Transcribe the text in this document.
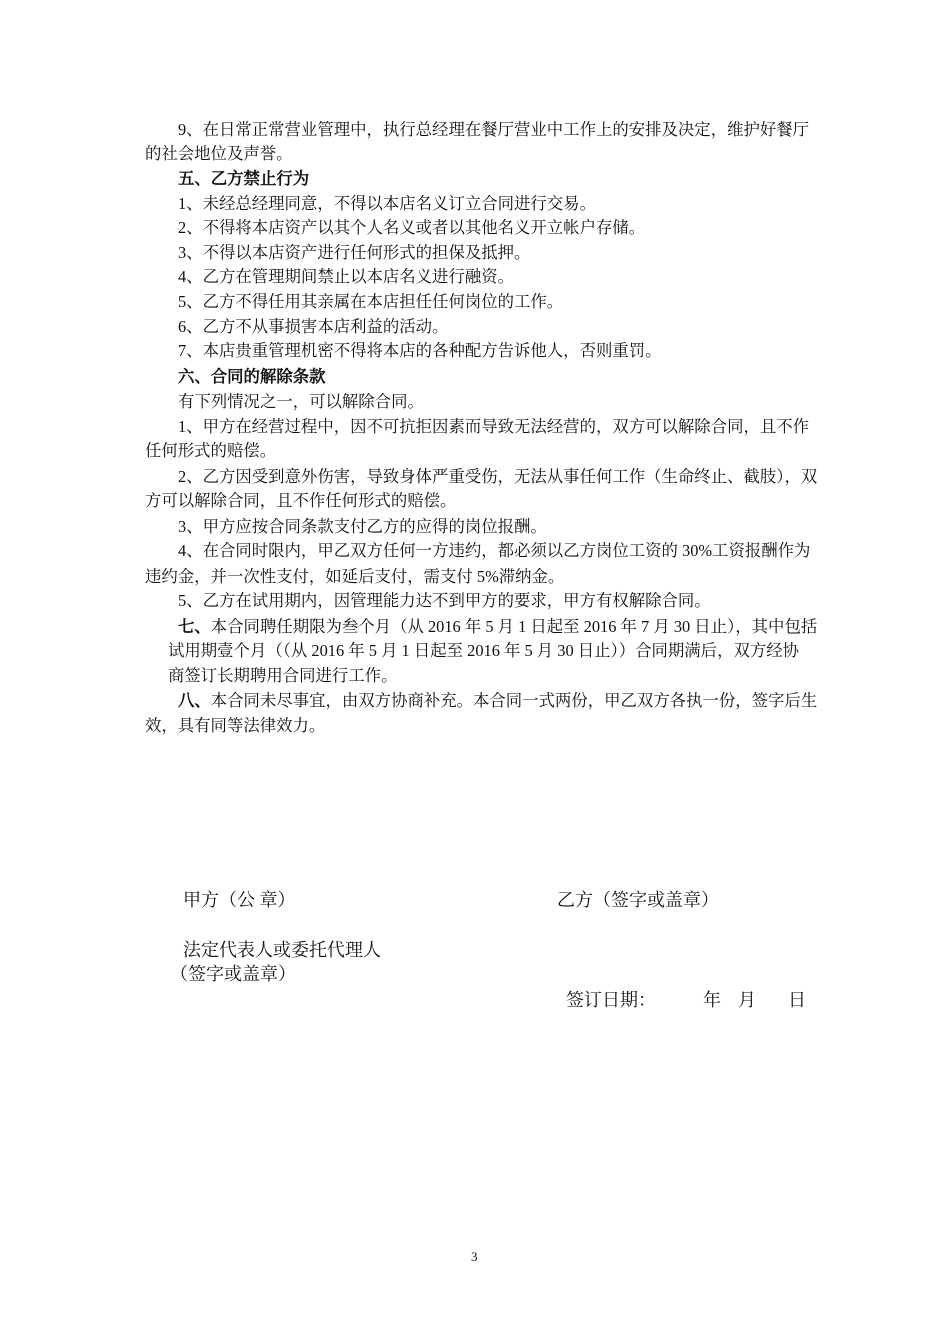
9、在日常正常营业管理中，执行总经理在餐厅营业中工作上的安排及决定，维护好餐厅
的社会地位及声誉。
五、乙方禁止行为
1、未经总经理同意，不得以本店名义订立合同进行交易。
2、不得将本店资产以其个人名义或者以其他名义开立帐户存储。
3、不得以本店资产进行任何形式的担保及抵押。
4、乙方在管理期间禁止以本店名义进行融资。
5、乙方不得任用其亲属在本店担任任何岗位的工作。
6、乙方不从事损害本店利益的活动。
7、本店贵重管理机密不得将本店的各种配方告诉他人，否则重罚。
六、合同的解除条款
有下列情况之一，可以解除合同。
1、甲方在经营过程中，因不可抗拒因素而导致无法经营的，双方可以解除合同，且不作
任何形式的赔偿。
2、乙方因受到意外伤害，导致身体严重受伤，无法从事任何工作（生命终止、截肢），双
方可以解除合同，且不作任何形式的赔偿。
3、甲方应按合同条款支付乙方的应得的岗位报酬。
4、在合同时限内，甲乙双方任何一方违约，都必须以乙方岗位工资的 30%工资报酬作为
违约金，并一次性支付，如延后支付，需支付 5%滞纳金。
5、乙方在试用期内，因管理能力达不到甲方的要求，甲方有权解除合同。
七、本合同聘任期限为叁个月（从 2016 年 5 月 1 日起至 2016 年 7 月 30 日止），其中包括
试用期壹个月（（从 2016 年 5 月 1 日起至 2016 年 5 月 30 日止））合同期满后，双方经协
商签订长期聘用合同进行工作。
八、本合同未尽事宜，由双方协商补充。本合同一式两份，甲乙双方各执一份，签字后生
效，具有同等法律效力。
甲方（公 章）	乙方（签字或盖章）
法定代表人或委托代理人
（签字或盖章）
签订日期：	年 月 日
3
